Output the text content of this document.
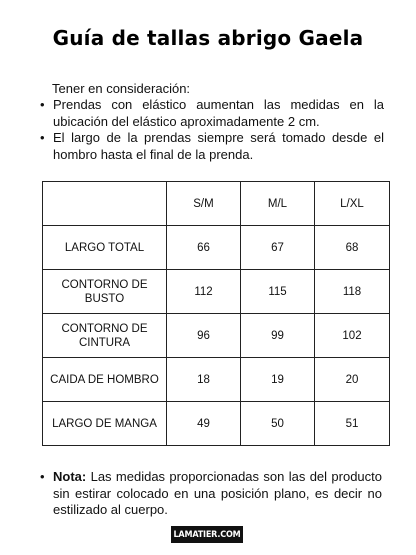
Guía de tallas abrigo Gaela
Tener en consideración:
• Prendas con elástico aumentan las medidas en la ubicación del elástico aproximadamente 2 cm.
• El largo de la prendas siempre será tomado desde el hombro hasta el final de la prenda.
	S/M	M/L	L/XL
LARGO TOTAL	66	67	68
CONTORNO DE BUSTO	112	115	118
CONTORNO DE CINTURA	96	99	102
CAIDA DE HOMBRO	18	19	20
LARGO DE MANGA	49	50	51
• Nota: Las medidas proporcionadas son las del producto sin estirar colocado en una posición plano, es decir no estilizado al cuerpo.
LAMATIER.COM
